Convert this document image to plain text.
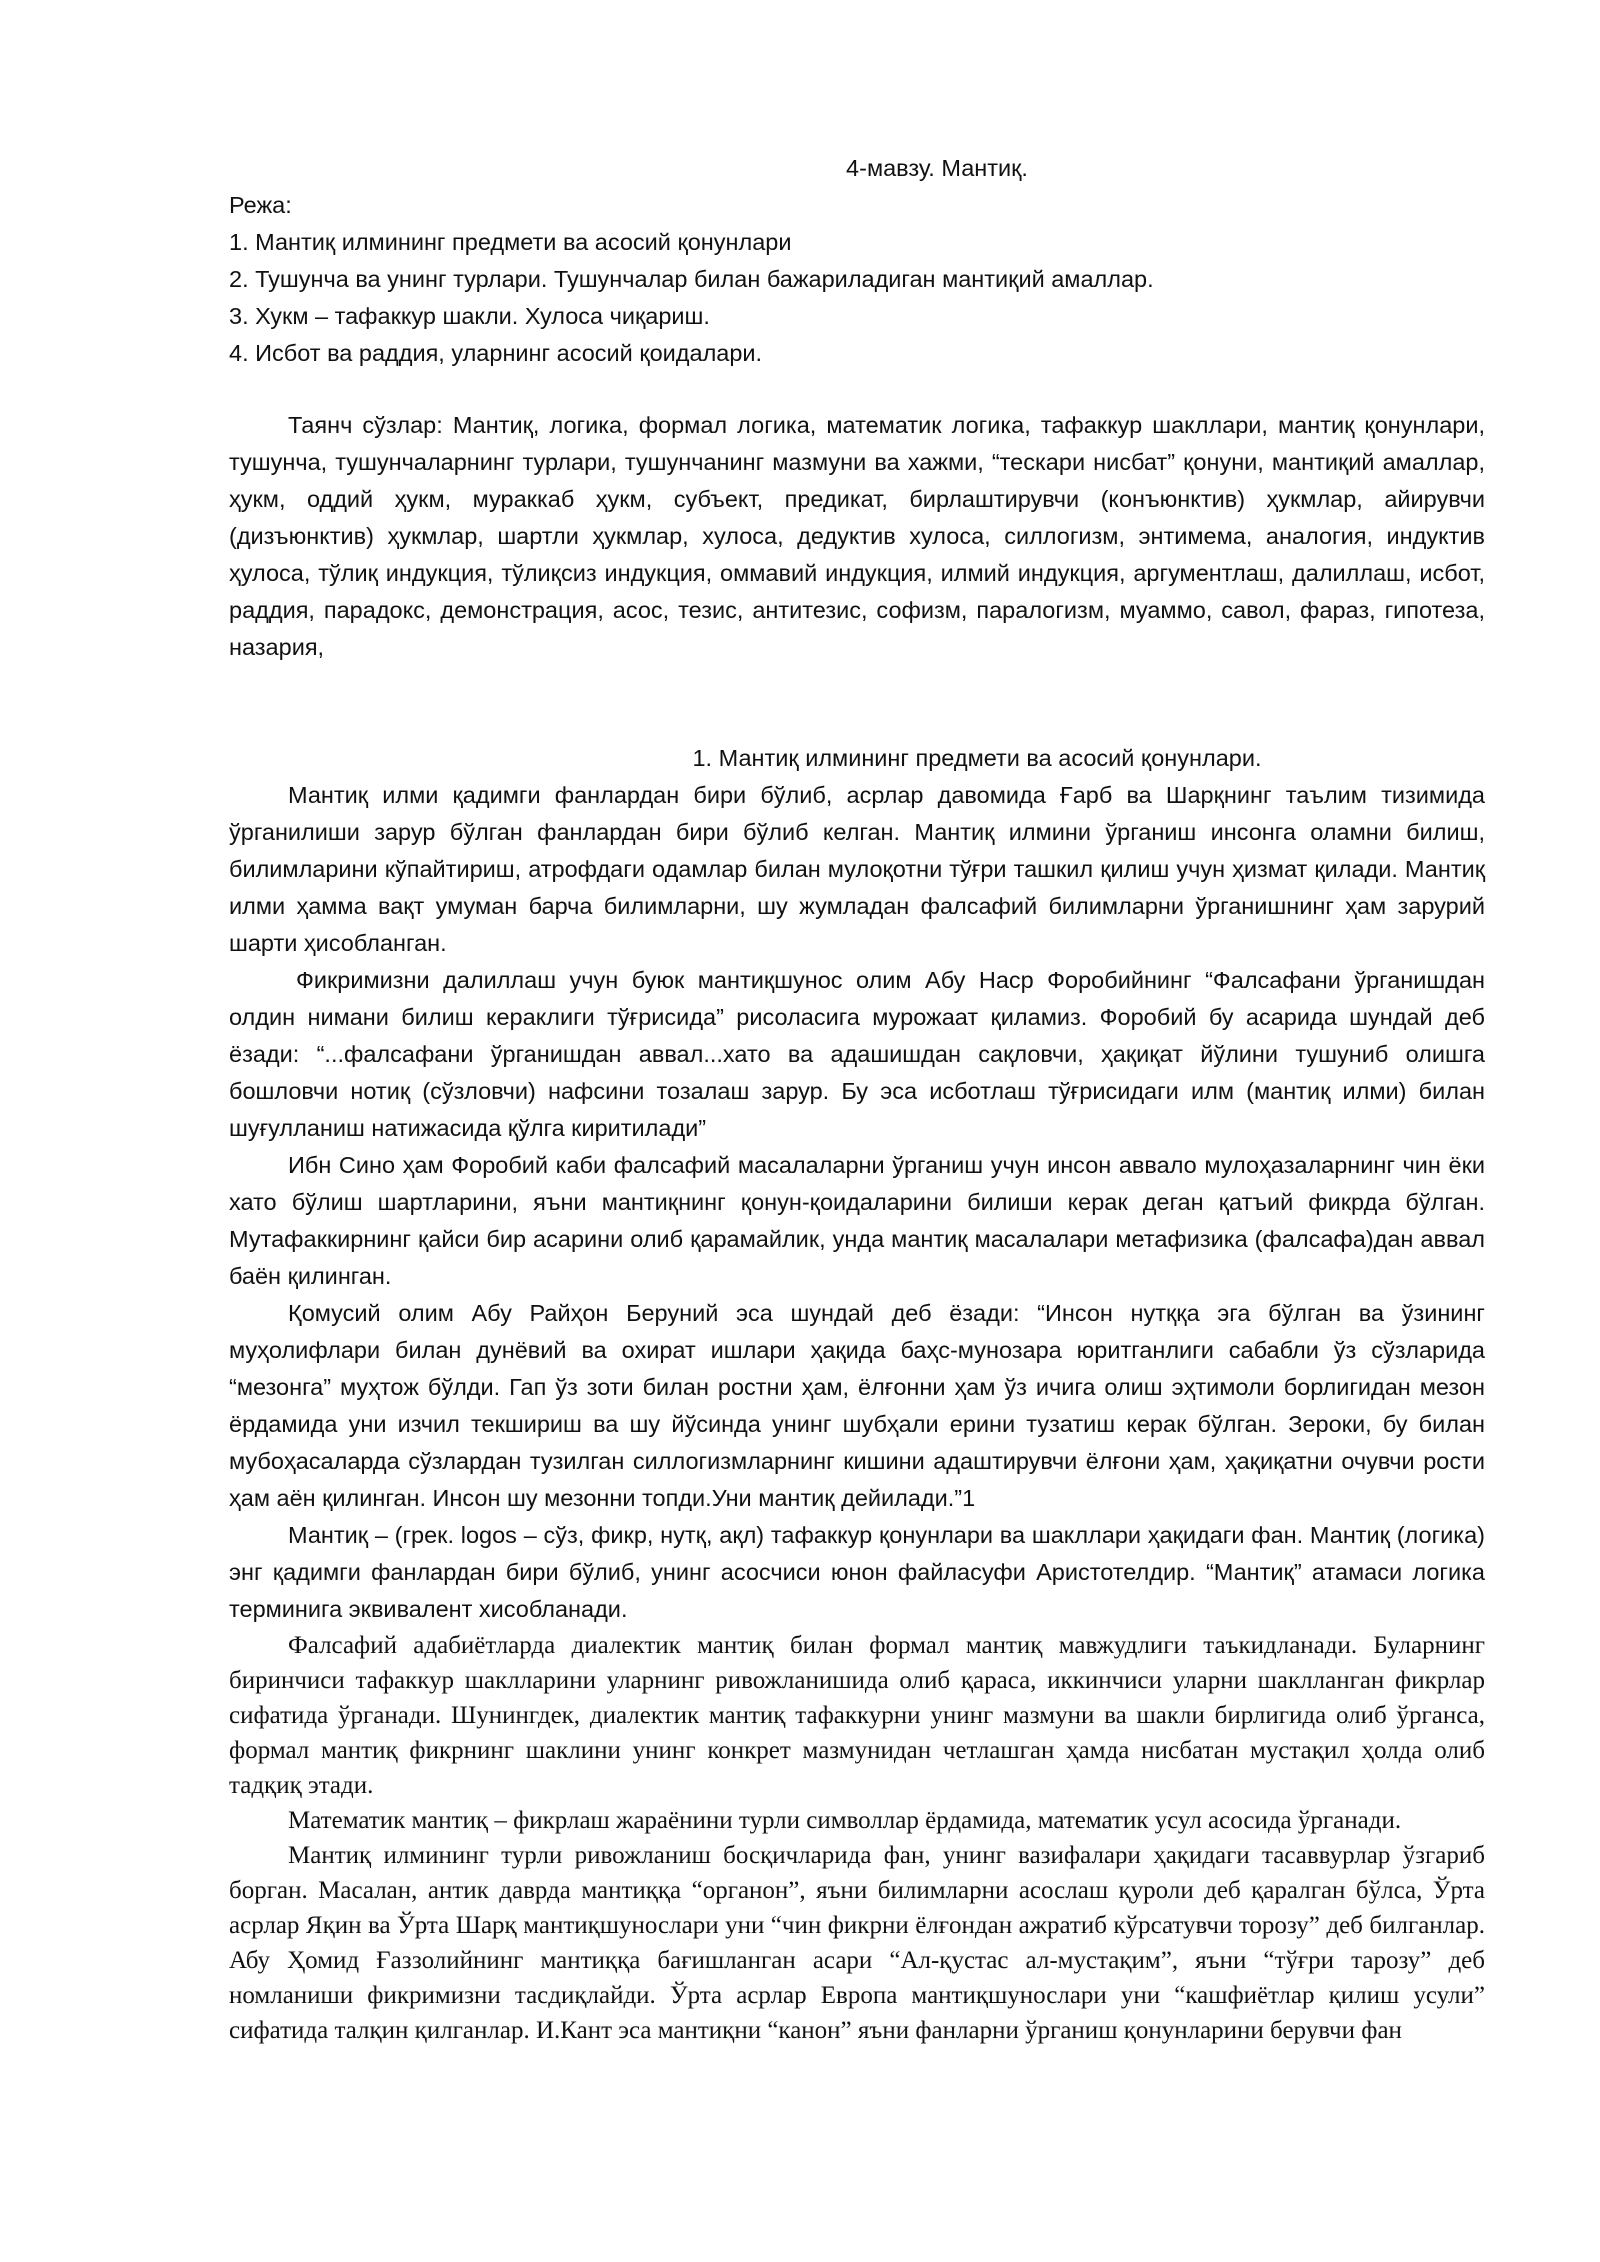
4-мавзу. Мантиқ.

Режа:

1. Мантиқ илмининг предмети ва асосий қонунлари

2. Тушунча ва унинг турлари. Тушунчалар билан бажариладиган мантиқий амаллар.

3. Хукм – тафаккур шакли. Хулоса чиқариш.

4. Исбот ва раддия, уларнинг асосий қоидалари.

Таянч сўзлар: Мантиқ, логика, формал логика, математик логика, тафаккур шакллари, мантиқ қонунлари, тушунча, тушунчаларнинг турлари, тушунчанинг мазмуни ва хажми, “тескари нисбат” қонуни, мантиқий амаллар, ҳукм, оддий ҳукм, мураккаб ҳукм, субъект, предикат, бирлаштирувчи (конъюнктив) ҳукмлар, айирувчи (дизъюнктив) ҳукмлар, шартли ҳукмлар, хулоса, дедуктив хулоса, силлогизм, энтимема, аналогия, индуктив ҳулоса, тўлиқ индукция, тўлиқсиз индукция, оммавий индукция, илмий индукция, аргументлаш, далиллаш, исбот, раддия, парадокс, демонстрация, асос, тезис, антитезис, софизм, паралогизм, муаммо, савол, фараз, гипотеза, назария,

1. Мантиқ илмининг предмети ва асосий қонунлари.

Мантиқ илми қадимги фанлардан бири бўлиб, асрлар давомида Ғарб ва Шарқнинг таълим тизимида ўрганилиши зарур бўлган фанлардан бири бўлиб келган. Мантиқ илмини ўрганиш инсонга оламни билиш, билимларини кўпайтириш, атрофдаги одамлар билан мулоқотни тўғри ташкил қилиш учун ҳизмат қилади. Мантиқ илми ҳамма вақт умуман барча билимларни, шу жумладан фалсафий билимларни ўрганишнинг ҳам зарурий шарти ҳисобланган.

Фикримизни далиллаш учун буюк мантиқшунос олим Абу Наср Форобийнинг “Фалсафани ўрганишдан олдин нимани билиш кераклиги тўғрисида” рисоласига мурожаат қиламиз. Форобий бу асарида шундай деб ёзади: “...фалсафани ўрганишдан аввал...хато ва адашишдан сақловчи, ҳақиқат йўлини тушуниб олишга бошловчи нотиқ (сўзловчи) нафсини тозалаш зарур. Бу эса исботлаш тўғрисидаги илм (мантиқ илми) билан шуғулланиш натижасида қўлга киритилади”

Ибн Сино ҳам Форобий каби фалсафий масалаларни ўрганиш учун инсон аввало мулоҳазаларнинг чин ёки хато бўлиш шартларини, яъни мантиқнинг қонун-қоидаларини билиши керак деган қатъий фикрда бўлган. Мутафаккирнинг қайси бир асарини олиб қарамайлик, унда мантиқ масалалари метафизика (фалсафа)дан аввал баён қилинган.

Қомусий олим Абу Райҳон Беруний эса шундай деб ёзади: “Инсон нутққа эга бўлган ва ўзининг муҳолифлари билан дунёвий ва охират ишлари ҳақида баҳс-мунозара юритганлиги сабабли ўз сўзларида “мезонга” муҳтож бўлди. Гап ўз зоти билан ростни ҳам, ёлғонни ҳам ўз ичига олиш эҳтимоли борлигидан мезон ёрдамида уни изчил текшириш ва шу йўсинда унинг шубҳали ерини тузатиш керак бўлган. Зероки, бу билан мубоҳасаларда сўзлардан тузилган силлогизмларнинг кишини адаштирувчи ёлғони ҳам, ҳақиқатни очувчи рости ҳам аён қилинган. Инсон шу мезонни топди.Уни мантиқ дейилади.”1

Мантиқ – (грек. logos – сўз, фикр, нутқ, ақл) тафаккур қонунлари ва шакллари ҳақидаги фан. Мантиқ (логика) энг қадимги фанлардан бири бўлиб, унинг асосчиси юнон файласуфи Аристотелдир. “Мантиқ” атамаси логика терминига эквивалент хисобланади.

Фалсафий адабиётларда диалектик мантиқ билан формал мантиқ мавжудлиги таъкидланади. Буларнинг биринчиси тафаккур шаклларини уларнинг ривожланишида олиб қараса, иккинчиси уларни шаклланган фикрлар сифатида ўрганади. Шунингдек, диалектик мантиқ тафаккурни унинг мазмуни ва шакли бирлигида олиб ўрганса, формал мантиқ фикрнинг шаклини унинг конкрет мазмунидан четлашган ҳамда нисбатан мустақил ҳолда олиб тадқиқ этади.

Математик мантиқ – фикрлаш жараёнини турли символлар ёрдамида, математик усул асосида ўрганади.

Мантиқ илмининг турли ривожланиш босқичларида фан, унинг вазифалари ҳақидаги тасаввурлар ўзгариб борган. Масалан, антик даврда мантиққа “органон”, яъни билимларни асослаш қуроли деб қаралган бўлса, Ўрта асрлар Яқин ва Ўрта Шарқ мантиқшунослари уни “чин фикрни ёлғондан ажратиб кўрсатувчи торозу” деб билганлар. Абу Ҳомид Ғаззолийнинг мантиққа бағишланган асари “Ал-қустас ал-мустақим”, яъни “тўғри тарозу” деб номланиши фикримизни тасдиқлайди. Ўрта асрлар Европа мантиқшунослари уни “кашфиётлар қилиш усули” сифатида талқин қилганлар. И.Кант эса мантиқни “канон” яъни фанларни ўрганиш қонунларини берувчи фан
